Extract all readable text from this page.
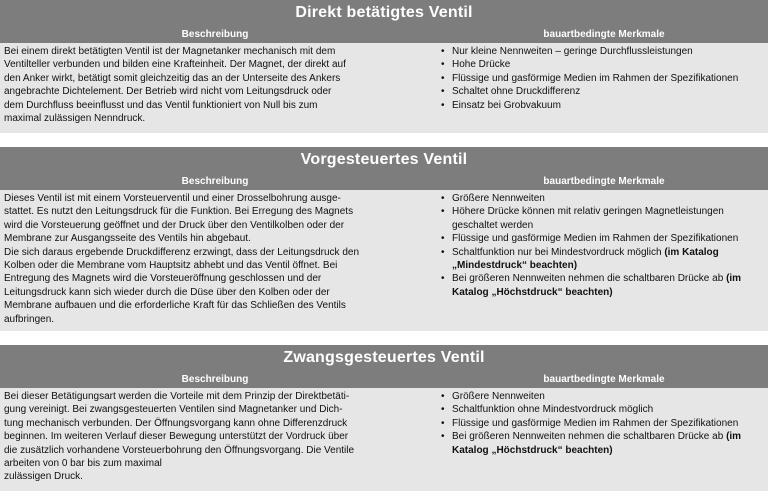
Direkt betätigtes Ventil
Beschreibung	bauartbedingte Merkmale

Bei einem direkt betätigten Ventil ist der Magnetanker mechanisch mit dem

Ventilteller verbunden und bilden eine Krafteinheit. Der Magnet, der direkt auf

den Anker wirkt, betätigt somit gleichzeitig das an der Unterseite des Ankers

angebrachte Dichtelement. Der Betrieb wird nicht vom Leitungsdruck oder

dem Durchfluss beeinflusst und das Ventil funktioniert von Null bis zum

maximal zulässigen Nenndruck.

• Nur kleine Nennweiten – geringe Durchflussleistungen
• Hohe Drücke
• Flüssige und gasförmige Medien im Rahmen der Spezifikationen
• Schaltet ohne Druckdifferenz
• Einsatz bei Grobvakuum
Vorgesteuertes Ventil
Beschreibung	bauartbedingte Merkmale

Dieses Ventil ist mit einem Vorsteuerventil und einer Drosselbohrung ausge-

stattet. Es nutzt den Leitungsdruck für die Funktion. Bei Erregung des Magnets

wird die Vorsteuerung geöffnet und der Druck über den Ventilkolben oder der

Membrane zur Ausgangsseite des Ventils hin abgebaut.

Die sich daraus ergebende Druckdifferenz erzwingt, dass der Leitungsdruck den

Kolben oder die Membrane vom Hauptsitz abhebt und das Ventil öffnet. Bei

Entregung des Magnets wird die Vorsteueröffnung geschlossen und der

Leitungsdruck kann sich wieder durch die Düse über den Kolben oder der

Membrane aufbauen und die erforderliche Kraft für das Schließen des Ventils

aufbringen.

• Größere Nennweiten
• Höhere Drücke können mit relativ geringen Magnetleistungen geschaltet werden
• Flüssige und gasförmige Medien im Rahmen der Spezifikationen
• Schaltfunktion nur bei Mindestvordruck möglich (im Katalog „Mindestdruck“ beachten)
• Bei größeren Nennweiten nehmen die schaltbaren Drücke ab (im Katalog „Höchstdruck“ beachten)
Zwangsgesteuertes Ventil
Beschreibung	bauartbedingte Merkmale

Bei dieser Betätigungsart werden die Vorteile mit dem Prinzip der Direktbetäti-

gung vereinigt. Bei zwangsgesteuerten Ventilen sind Magnetanker und Dich-

tung mechanisch verbunden. Der Öffnungsvorgang kann ohne Differenzdruck

beginnen. Im weiteren Verlauf dieser Bewegung unterstützt der Vordruck über

die zusätzlich vorhandene Vorsteuerbohrung den Öffnungsvorgang. Die Ventile

arbeiten von 0 bar bis zum maximal

zulässigen Druck.

• Größere Nennweiten
• Schaltfunktion ohne Mindestvordruck möglich
• Flüssige und gasförmige Medien im Rahmen der Spezifikationen
• Bei größeren Nennweiten nehmen die schaltbaren Drücke ab (im Katalog „Höchstdruck“ beachten)
